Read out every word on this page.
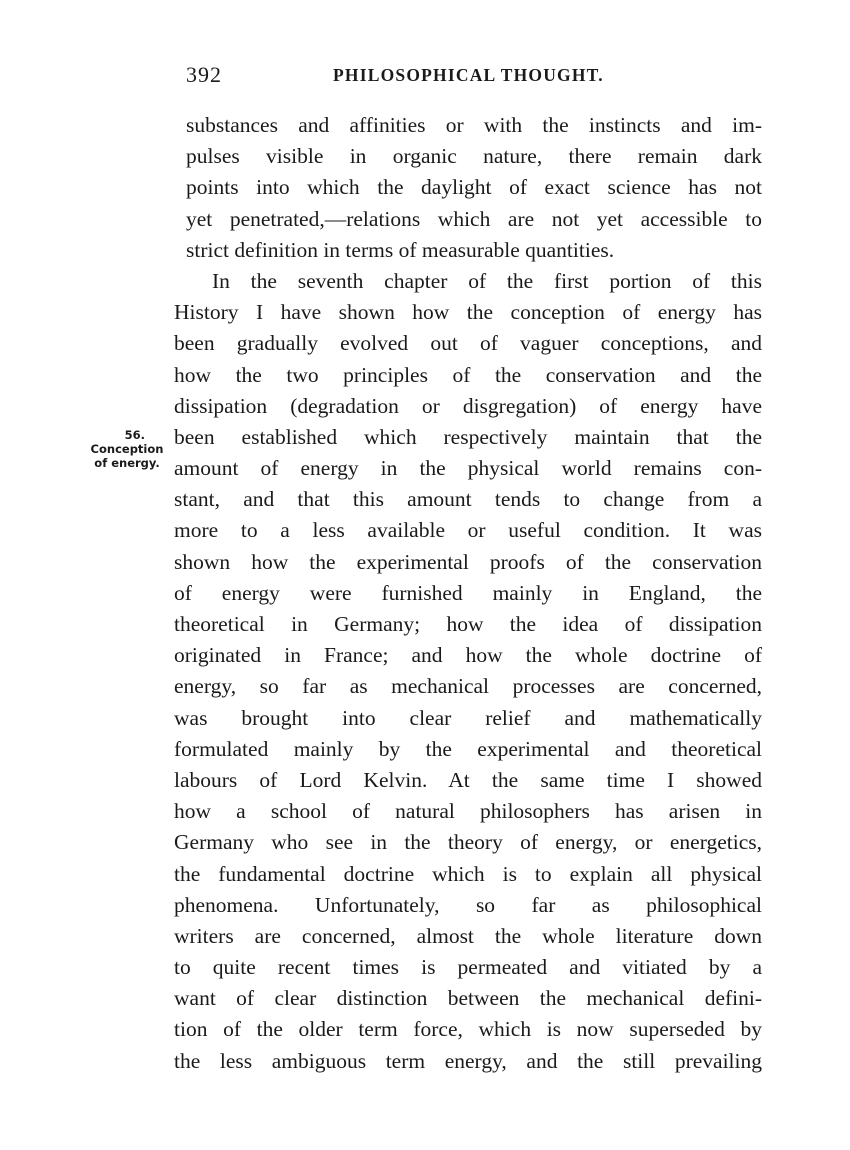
392	PHILOSOPHICAL THOUGHT.
56.
Conception
of energy.
substances and affinities or with the instincts and im-
pulses visible in organic nature, there remain dark
points into which the daylight of exact science has not
yet penetrated,—relations which are not yet accessible to
strict definition in terms of measurable quantities.
In the seventh chapter of the first portion of this
History I have shown how the conception of energy has
been gradually evolved out of vaguer conceptions, and
how the two principles of the conservation and the
dissipation (degradation or disgregation) of energy have
been established which respectively maintain that the
amount of energy in the physical world remains con-
stant, and that this amount tends to change from a
more to a less available or useful condition. It was
shown how the experimental proofs of the conservation
of energy were furnished mainly in England, the
theoretical in Germany; how the idea of dissipation
originated in France; and how the whole doctrine of
energy, so far as mechanical processes are concerned,
was brought into clear relief and mathematically
formulated mainly by the experimental and theoretical
labours of Lord Kelvin. At the same time I showed
how a school of natural philosophers has arisen in
Germany who see in the theory of energy, or energetics,
the fundamental doctrine which is to explain all physical
phenomena. Unfortunately, so far as philosophical
writers are concerned, almost the whole literature down
to quite recent times is permeated and vitiated by a
want of clear distinction between the mechanical defini-
tion of the older term force, which is now superseded by
the less ambiguous term energy, and the still prevailing
